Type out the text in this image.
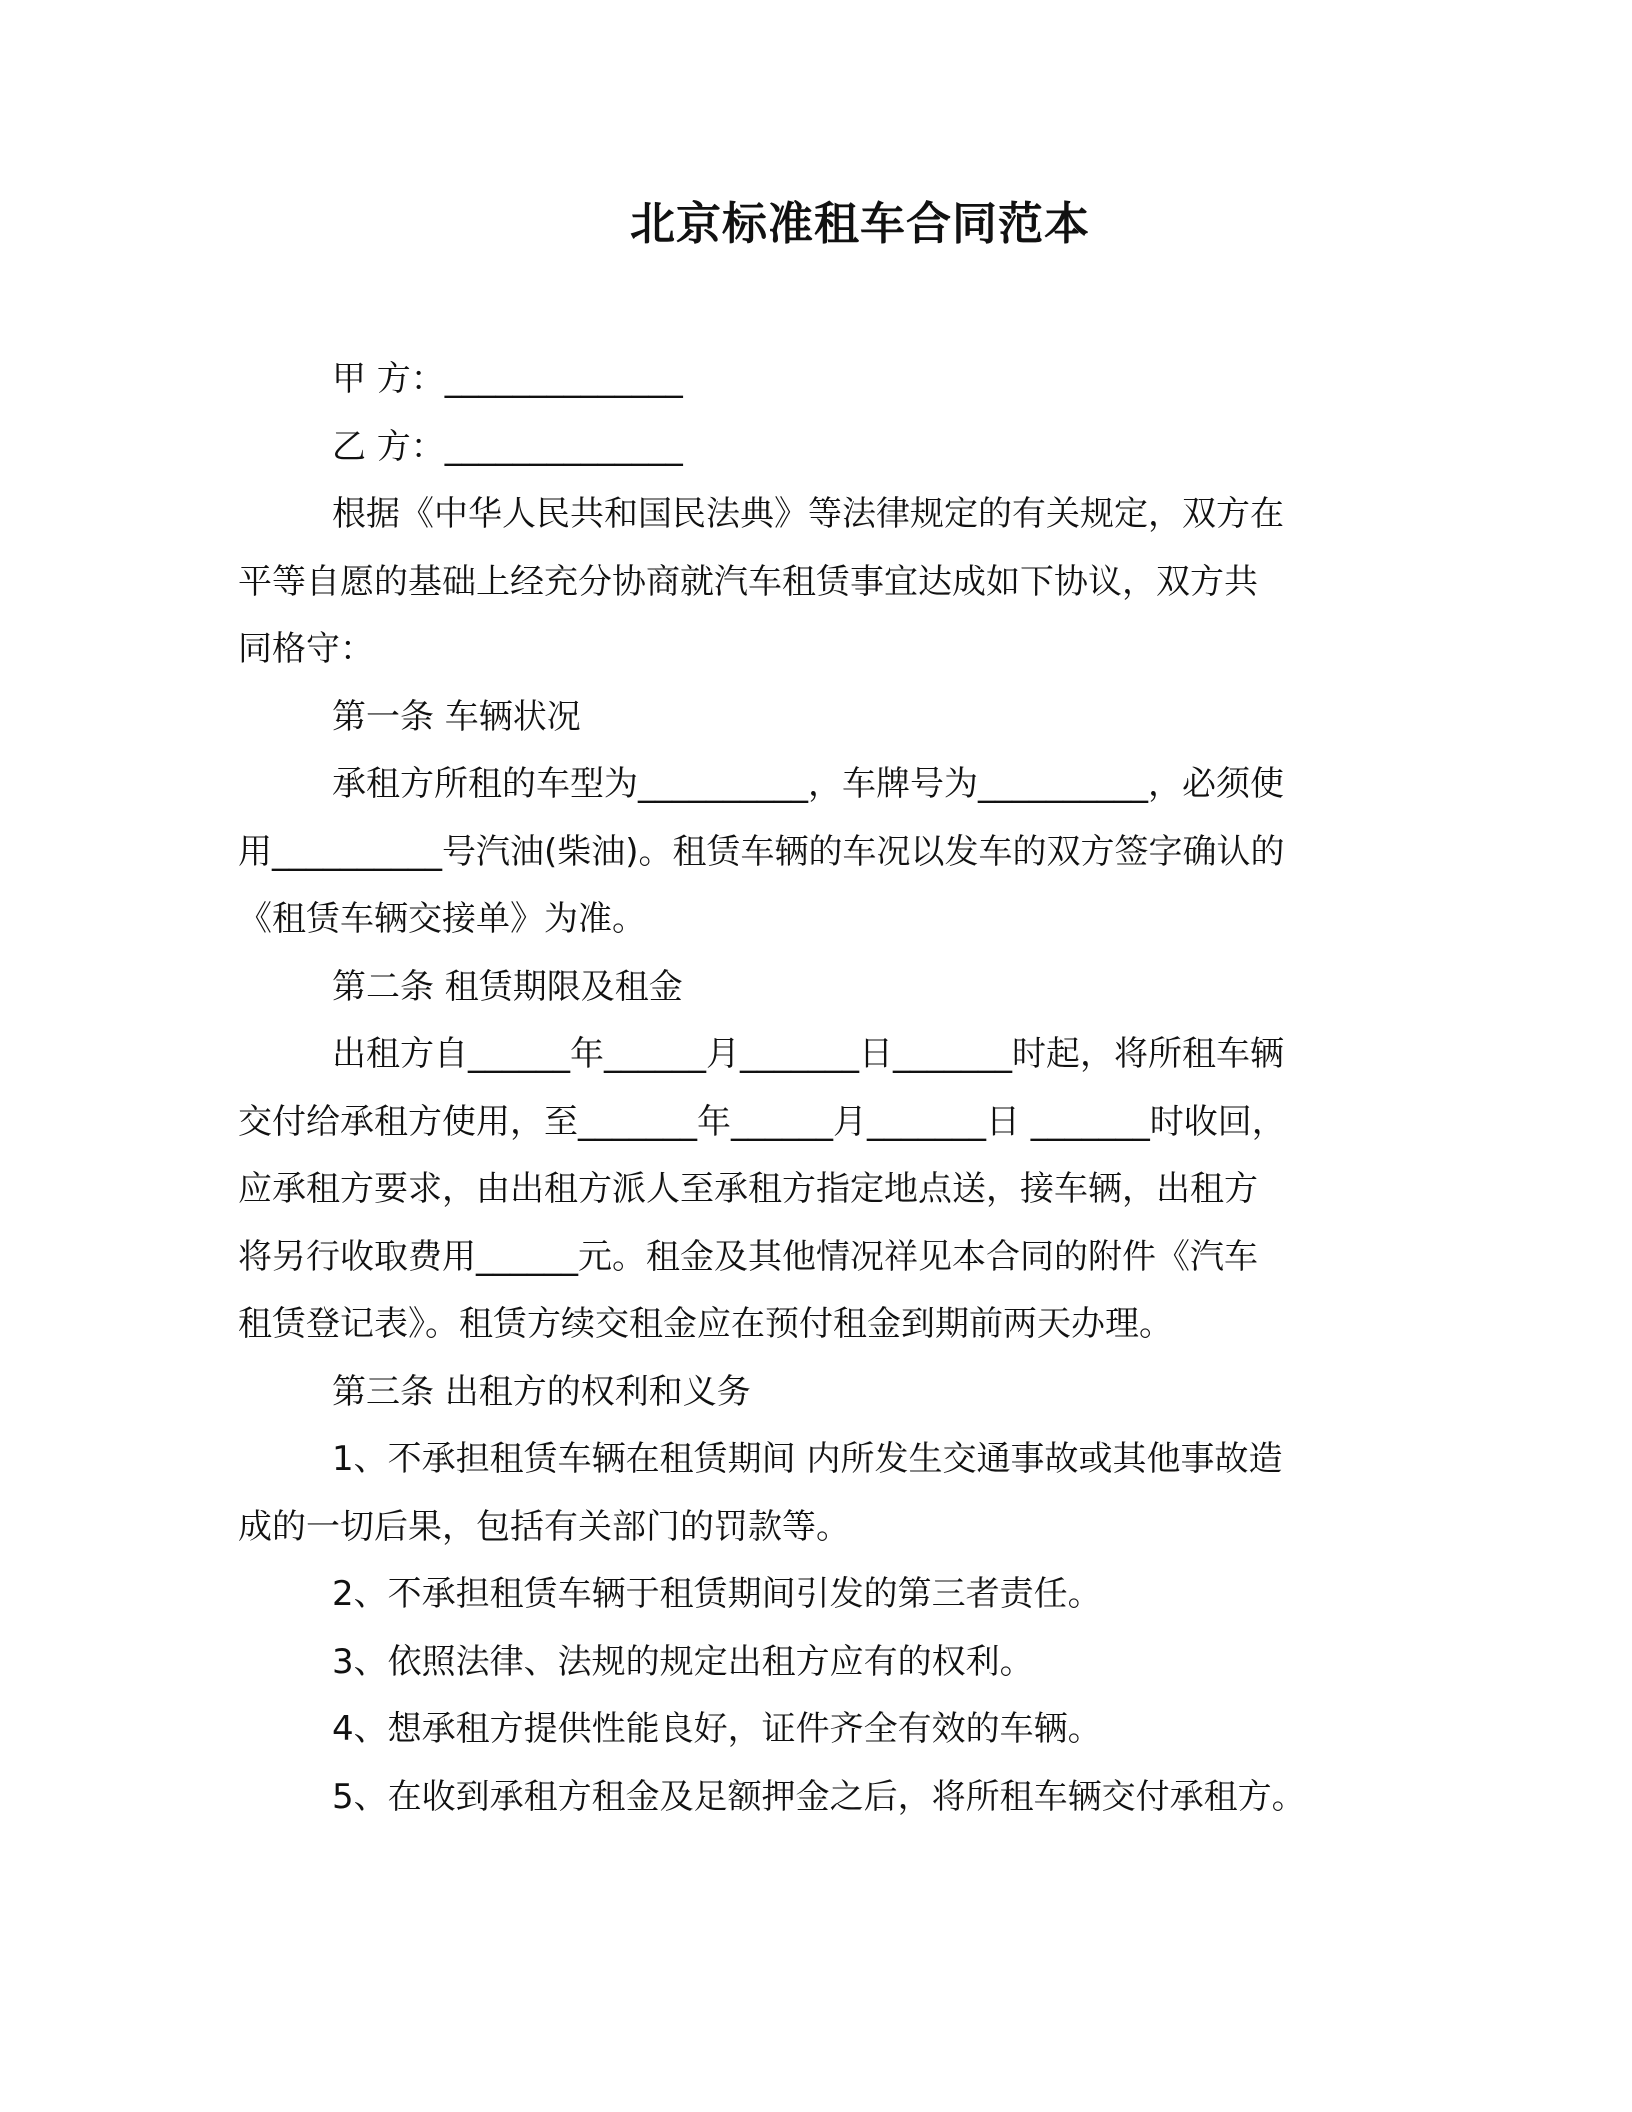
北京标准租车合同范本
甲 方：______________
乙 方：______________

根据《中华人民共和国民法典》等法律规定的有关规定，双方在
平等自愿的基础上经充分协商就汽车租赁事宜达成如下协议，双方共
同格守：

第一条 车辆状况

承租方所租的车型为__________，车牌号为__________，必须使
用__________号汽油(柴油)。租赁车辆的车况以发车的双方签字确认的
《租赁车辆交接单》为准。

第二条 租赁期限及租金

出租方自______年______月_______日_______时起，将所租车辆
交付给承租方使用，至_______年______月_______日 _______时收回，
应承租方要求，由出租方派人至承租方指定地点送，接车辆，出租方
将另行收取费用______元。租金及其他情况祥见本合同的附件《汽车
租赁登记表》。租赁方续交租金应在预付租金到期前两天办理。

第三条 出租方的权利和义务

1、不承担租赁车辆在租赁期间 内所发生交通事故或其他事故造
成的一切后果，包括有关部门的罚款等。

2、不承担租赁车辆于租赁期间引发的第三者责任。

3、依照法律、法规的规定出租方应有的权利。

4、想承租方提供性能良好，证件齐全有效的车辆。

5、在收到承租方租金及足额押金之后，将所租车辆交付承租方。
